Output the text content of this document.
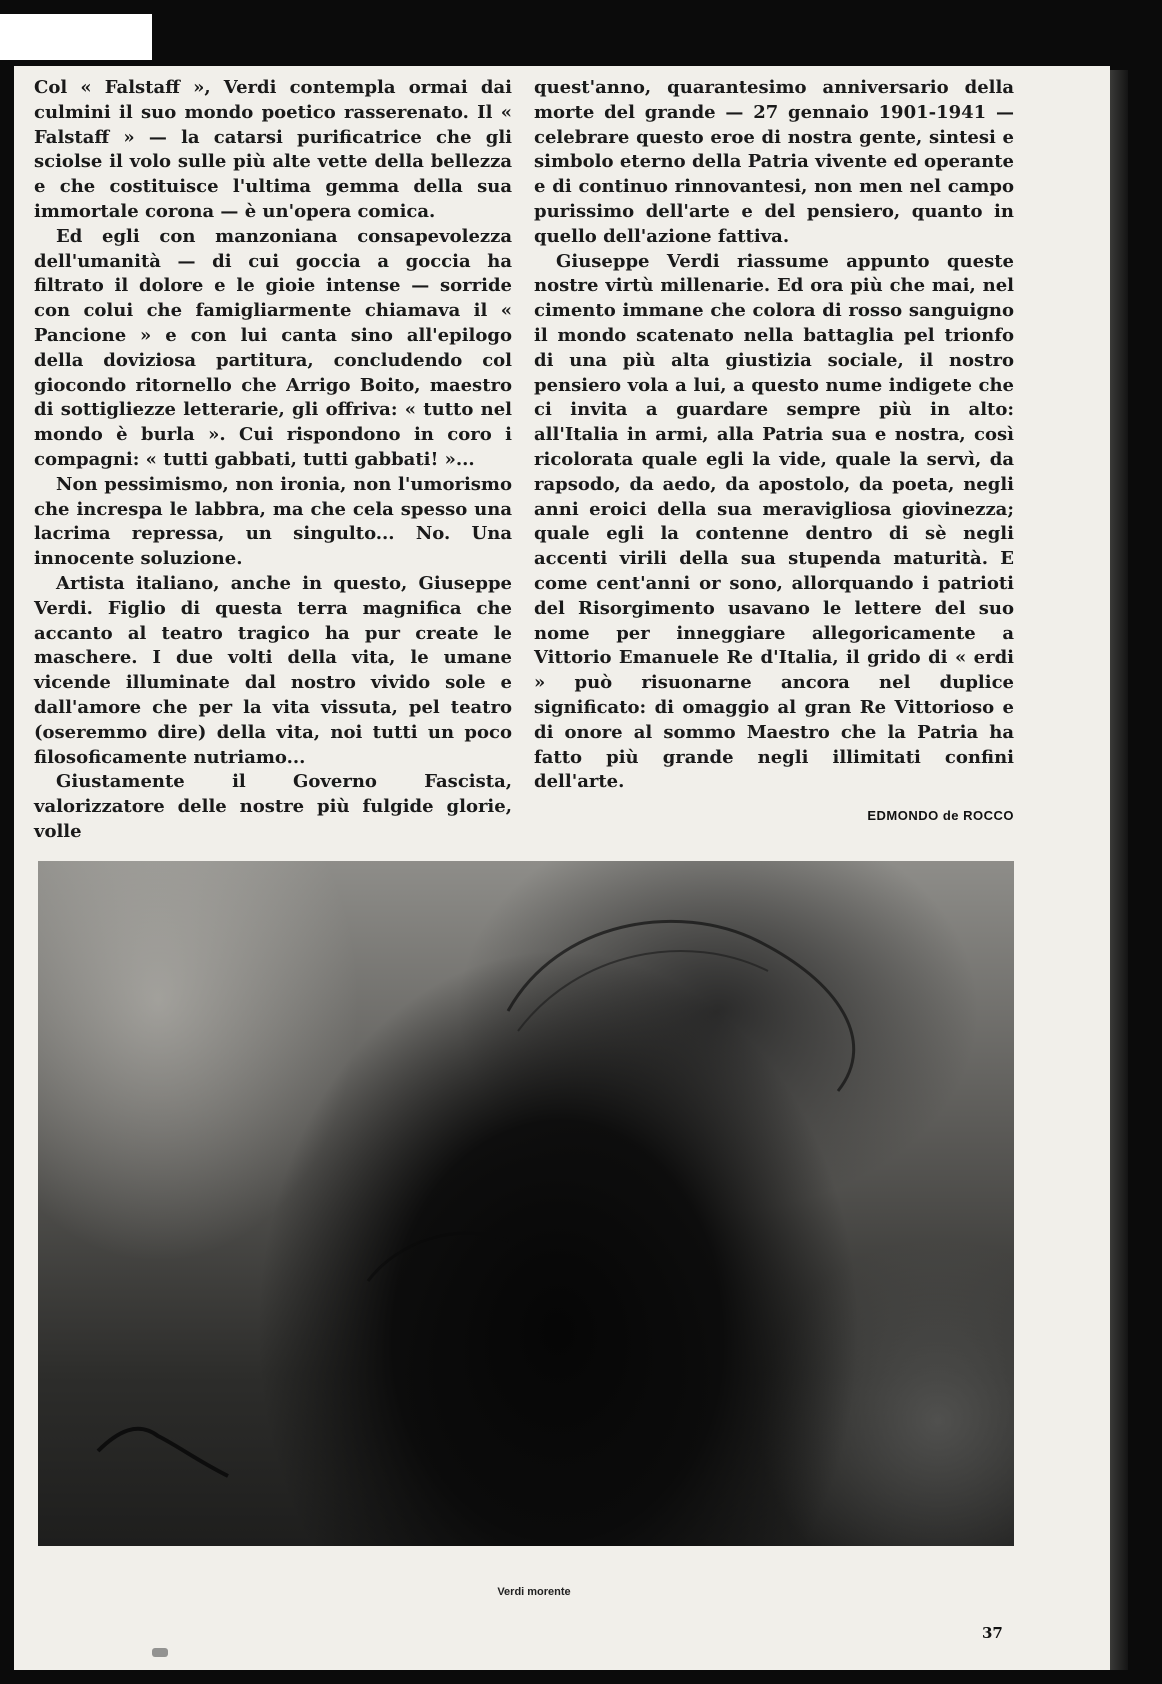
Col « Falstaff », Verdi contempla ormai dai culmini il suo mondo poetico rasserenato. Il « Falstaff » — la catarsi purificatrice che gli sciolse il volo sulle più alte vette della bellezza e che costituisce l'ultima gemma della sua immortale corona — è un'opera comica.

Ed egli con manzoniana consapevolezza dell'umanità — di cui goccia a goccia ha filtrato il dolore e le gioie intense — sorride con colui che famigliarmente chiamava il « Pancione » e con lui canta sino all'epilogo della doviziosa partitura, concludendo col giocondo ritornello che Arrigo Boito, maestro di sottigliezze letterarie, gli offriva: « tutto nel mondo è burla ». Cui rispondono in coro i compagni: « tutti gabbati, tutti gabbati! »...

Non pessimismo, non ironia, non l'umorismo che increspa le labbra, ma che cela spesso una lacrima repressa, un singulto... No. Una innocente soluzione.

Artista italiano, anche in questo, Giuseppe Verdi. Figlio di questa terra magnifica che accanto al teatro tragico ha pur create le maschere. I due volti della vita, le umane vicende illuminate dal nostro vivido sole e dall'amore che per la vita vissuta, pel teatro (oseremmo dire) della vita, noi tutti un poco filosoficamente nutriamo...

Giustamente il Governo Fascista, valorizzatore delle nostre più fulgide glorie, volle

quest'anno, quarantesimo anniversario della morte del grande — 27 gennaio 1901-1941 — celebrare questo eroe di nostra gente, sintesi e simbolo eterno della Patria vivente ed operante e di continuo rinnovantesi, non men nel campo purissimo dell'arte e del pensiero, quanto in quello dell'azione fattiva.

Giuseppe Verdi riassume appunto queste nostre virtù millenarie. Ed ora più che mai, nel cimento immane che colora di rosso sanguigno il mondo scatenato nella battaglia pel trionfo di una più alta giustizia sociale, il nostro pensiero vola a lui, a questo nume indigete che ci invita a guardare sempre più in alto: all'Italia in armi, alla Patria sua e nostra, così ricolorata quale egli la vide, quale la servì, da rapsodo, da aedo, da apostolo, da poeta, negli anni eroici della sua meravigliosa giovinezza; quale egli la contenne dentro di sè negli accenti virili della sua stupenda maturità. E come cent'anni or sono, allorquando i patrioti del Risorgimento usavano le lettere del suo nome per inneggiare allegoricamente a Vittorio Emanuele Re d'Italia, il grido di « erdi » può risuonarne ancora nel duplice significato: di omaggio al gran Re Vittorioso e di onore al sommo Maestro che la Patria ha fatto più grande negli illimitati confini dell'arte.

EDMONDO de ROCCO
Verdi morente
37
